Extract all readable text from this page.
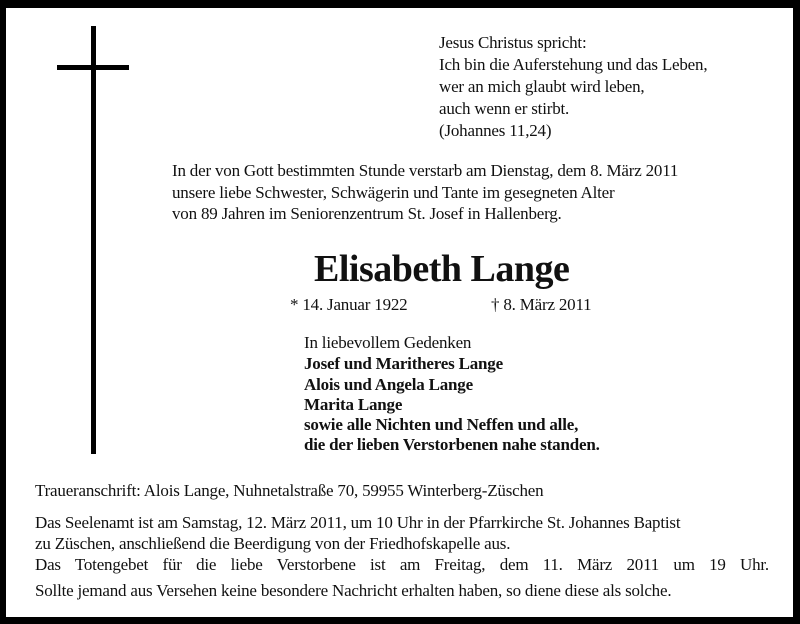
Jesus Christus spricht:
Ich bin die Auferstehung und das Leben,
wer an mich glaubt wird leben,
auch wenn er stirbt.
(Johannes 11,24)
In der von Gott bestimmten Stunde verstarb am Dienstag, dem 8. März 2011
unsere liebe Schwester, Schwägerin und Tante im gesegneten Alter
von 89 Jahren im Seniorenzentrum St. Josef in Hallenberg.
Elisabeth Lange
* 14. Januar 1922	† 8. März 2011
In liebevollem Gedenken
Josef und Maritheres Lange
Alois und Angela Lange
Marita Lange
sowie alle Nichten und Neffen und alle,
die der lieben Verstorbenen nahe standen.
Traueranschrift: Alois Lange, Nuhnetalstraße 70, 59955 Winterberg-Züschen
Das Seelenamt ist am Samstag, 12. März 2011, um 10 Uhr in der Pfarrkirche St. Johannes Baptist
zu Züschen, anschließend die Beerdigung von der Friedhofskapelle aus.
Das Totengebet für die liebe Verstorbene ist am Freitag, dem 11. März 2011 um 19 Uhr.
Sollte jemand aus Versehen keine besondere Nachricht erhalten haben, so diene diese als solche.
